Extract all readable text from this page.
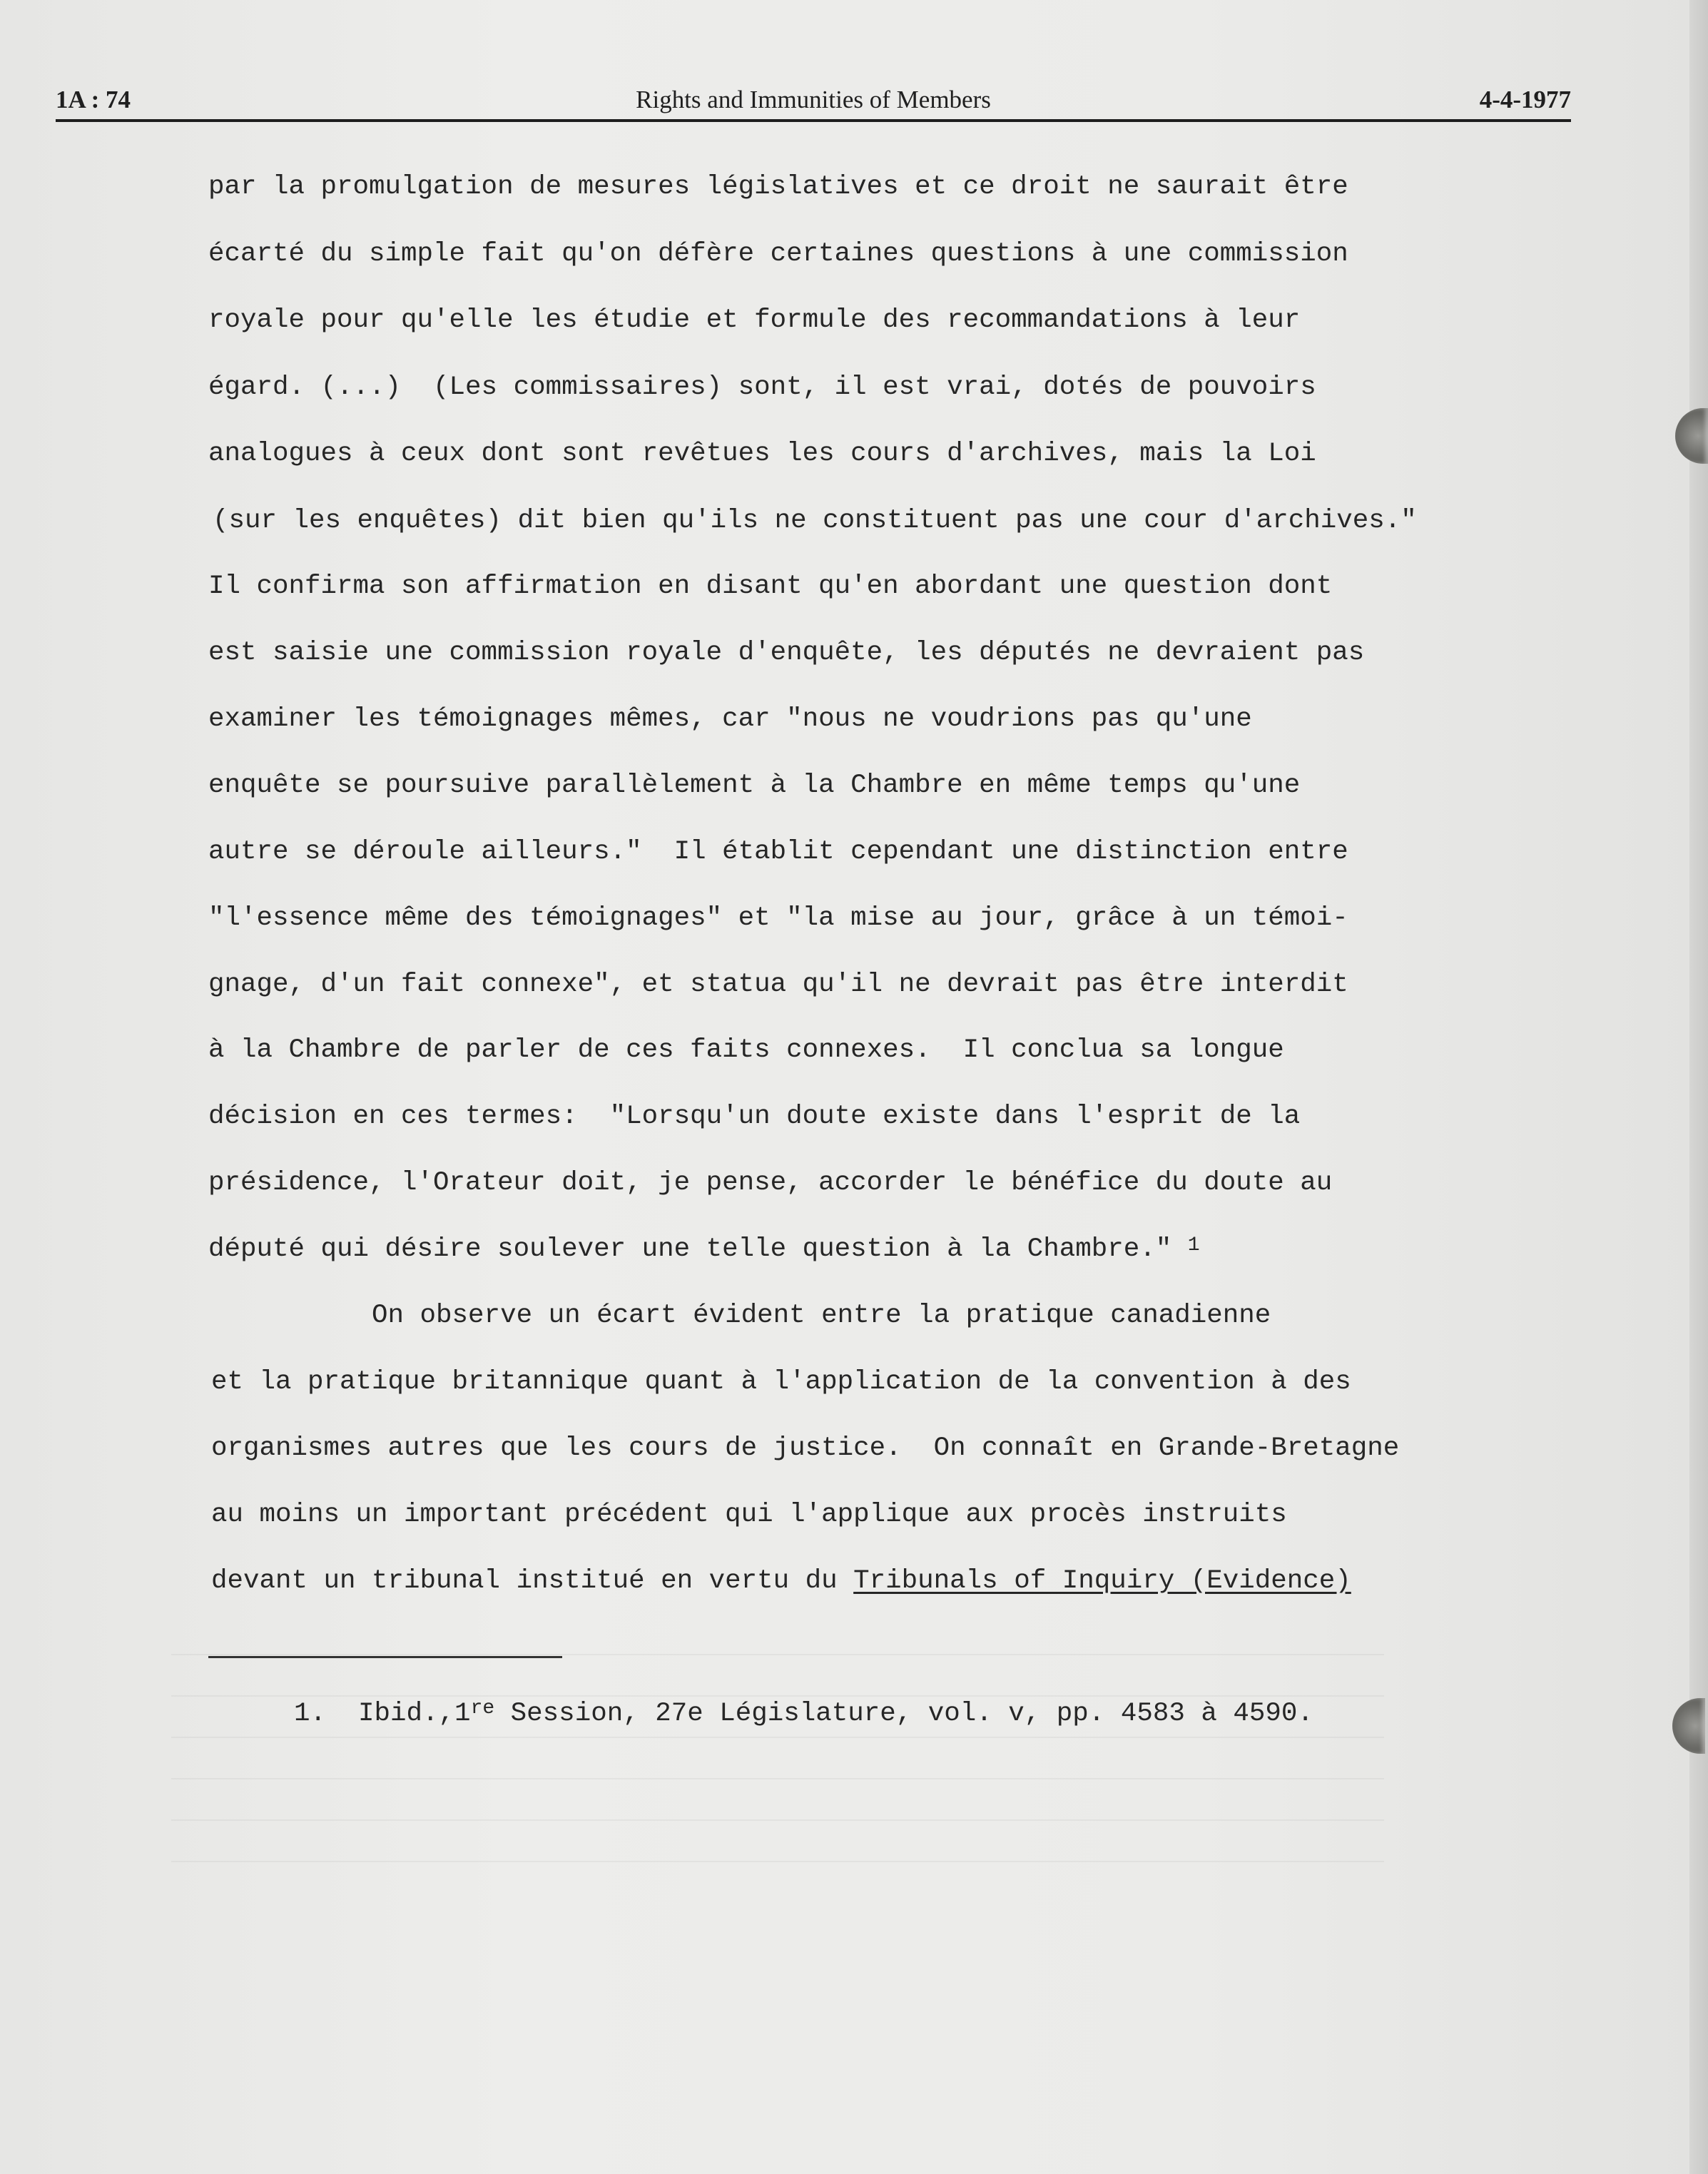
1A : 74	Rights and Immunities of Members	4-4-1977
par la promulgation de mesures législatives et ce droit ne saurait être
écarté du simple fait qu'on défère certaines questions à une commission
royale pour qu'elle les étudie et formule des recommandations à leur
égard. (...)  (Les commissaires) sont, il est vrai, dotés de pouvoirs
analogues à ceux dont sont revêtues les cours d'archives, mais la Loi
(sur les enquêtes) dit bien qu'ils ne constituent pas une cour d'archives."
Il confirma son affirmation en disant qu'en abordant une question dont
est saisie une commission royale d'enquête, les députés ne devraient pas
examiner les témoignages mêmes, car "nous ne voudrions pas qu'une
enquête se poursuive parallèlement à la Chambre en même temps qu'une
autre se déroule ailleurs."  Il établit cependant une distinction entre
"l'essence même des témoignages" et "la mise au jour, grâce à un témoi-
gnage, d'un fait connexe", et statua qu'il ne devrait pas être interdit
à la Chambre de parler de ces faits connexes.  Il conclua sa longue
décision en ces termes:  "Lorsqu'un doute existe dans l'esprit de la
présidence, l'Orateur doit, je pense, accorder le bénéfice du doute au
député qui désire soulever une telle question à la Chambre." $^1$
On observe un écart évident entre la pratique canadienne
et la pratique britannique quant à l'application de la convention à des
organismes autres que les cours de justice.  On connaît en Grande-Bretagne
au moins un important précédent qui l'applique aux procès instruits
devant un tribunal institué en vertu du Tribunals of Inquiry (Evidence)
1. Ibid.,1re Session, 27e Législature, vol. v, pp. 4583 à 4590.
